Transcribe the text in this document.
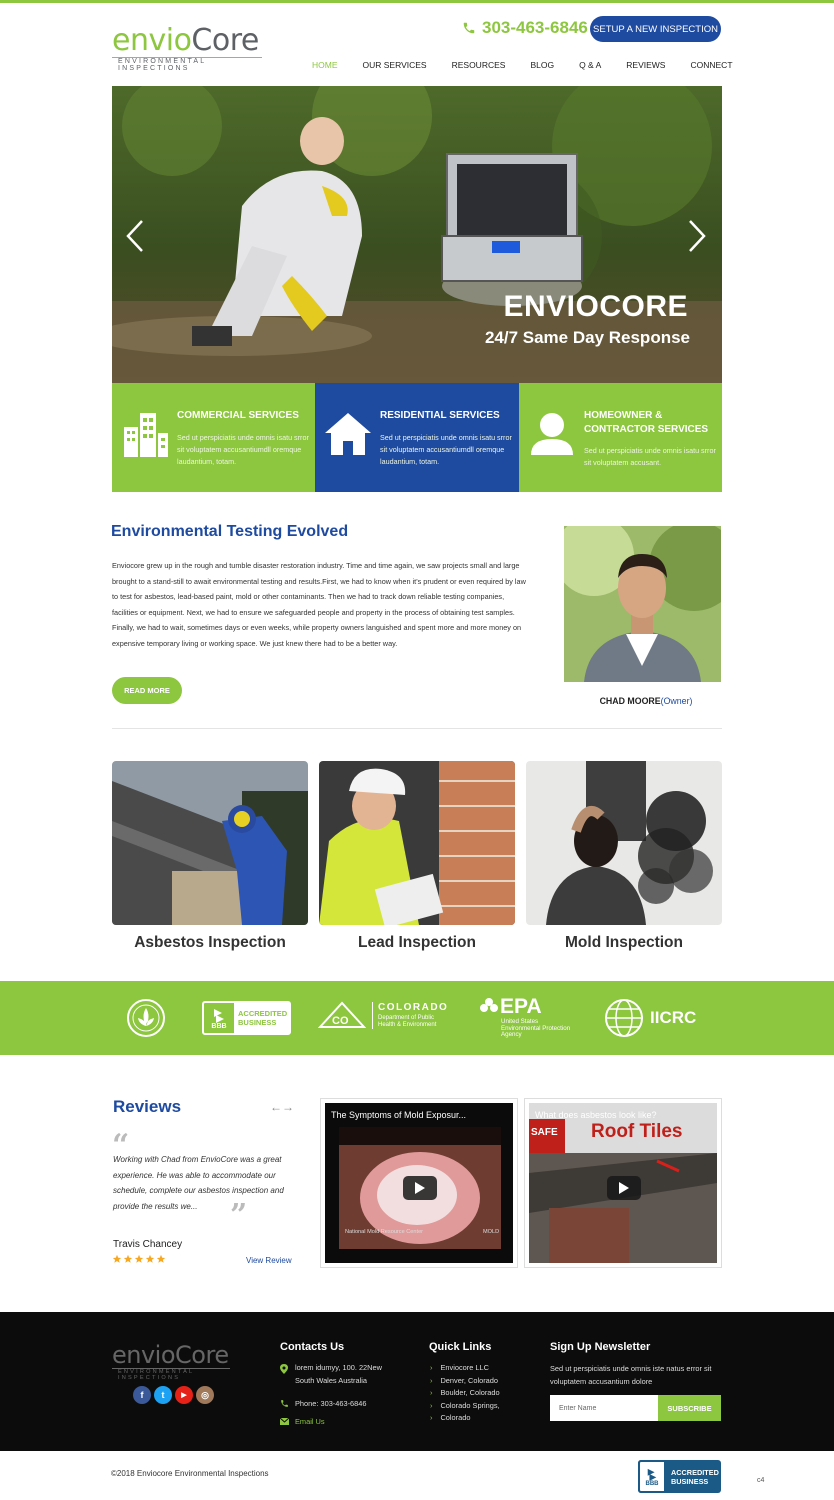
envioCore
ENVIRONMENTAL INSPECTIONS
303-463-6846 SETUP A NEW INSPECTION
HOME	OUR SERVICES	RESOURCES	BLOG	Q & A	REVIEWS	CONNECT
ENVIOCORE
24/7 Same Day Response
COMMERCIAL SERVICES
Sed ut perspiciatis unde omnis isatu srror sit voluptatem accusantiumdll oremque laudantium, totam.
RESIDENTIAL SERVICES
Sed ut perspiciatis unde omnis isatu srror sit voluptatem accusantiumdll oremque laudantium, totam.
HOMEOWNER & CONTRACTOR SERVICES
Sed ut perspiciatis unde omnis isatu srror sit voluptatem accusant.
Environmental Testing Evolved

Enviocore grew up in the rough and tumble disaster restoration industry. Time and time again, we saw projects small and large brought to a stand-still to await environmental testing and results.First, we had to know when it's prudent or even required by law to test for asbestos, lead-based paint, mold or other contaminants. Then we had to track down reliable testing companies, facilities or equipment. Next, we had to ensure we safeguarded people and property in the process of obtaining test samples. Finally, we had to wait, sometimes days or even weeks, while property owners languished and spent more and more money on expensive temporary living or working space. We just knew there had to be a better way.

READ MORE
CHAD MOORE(Owner)
Asbestos Inspection	Lead Inspection	Mold Inspection
BBB
ACCREDITED
BUSINESS	CO
COLORADO
Department of Public
Health & Environment
EPA
United States
Environmental Protection
Agency
IICRC
Reviews	←→
“

Working with Chad from EnvioCore was a great experience. He was able to accommodate our schedule, complete our asbestos inspection and provide the results we...	”
Travis Chancey
View Review
The Symptoms of Mold Exposur...
National Mold Resource Center	MOLD
What does asbestos look like?
Roof Tiles
SAFE
envioCore
ENVIRONMENTAL INSPECTIONS
f	t	▶	◎
Contacts Us
lorem idumyy, 100. 22New
South Wales Australia
Phone: 303-463-6846
Email Us
Quick Links
› Enviocore LLC
› Denver, Colorado
› Boulder, Colorado
› Colorado Springs,
› Colorado
Sign Up Newsletter
Sed ut perspiciatis unde omnis iste natus error sit voluptatem accusantium dolore
Enter Name	SUBSCRIBE
©2018 Enviocore Environmental Inspections
BBB
ACCREDITED
BUSINESS	c4
